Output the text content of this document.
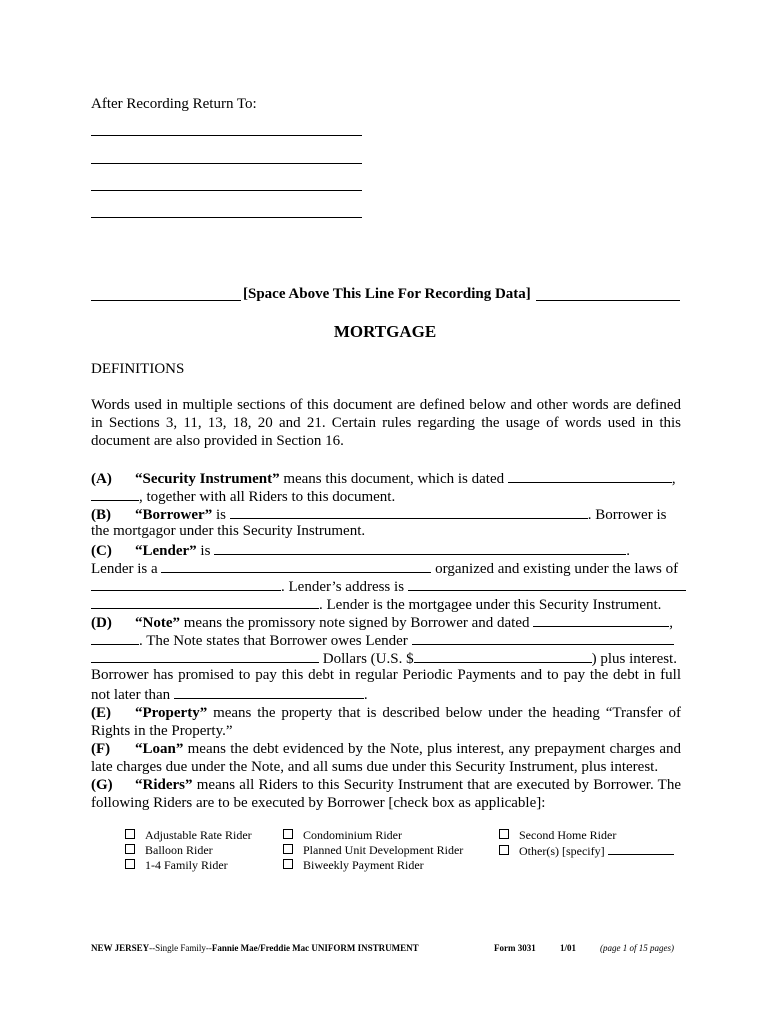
After Recording Return To:
[Space Above This Line For Recording Data]
MORTGAGE
DEFINITIONS
Words used in multiple sections of this document are defined below and other words are defined in Sections 3, 11, 13, 18, 20 and 21. Certain rules regarding the usage of words used in this document are also provided in Section 16.
(A) “Security Instrument” means this document, which is dated	,
, together with all Riders to this document.
(B) “Borrower” is	. Borrower is
the mortgagor under this Security Instrument.
(C) “Lender” is	.
Lender is a	organized and existing under the laws of
. Lender’s address is
. Lender is the mortgagee under this Security Instrument.
(D) “Note” means the promissory note signed by Borrower and dated	,
. The Note states that Borrower owes Lender
Dollars (U.S. $	) plus interest.
Borrower has promised to pay this debt in regular Periodic Payments and to pay the debt in full not later than	.
(E) “Property” means the property that is described below under the heading “Transfer of Rights in the Property.”
(F) “Loan” means the debt evidenced by the Note, plus interest, any prepayment charges and late charges due under the Note, and all sums due under this Security Instrument, plus interest.
(G) “Riders” means all Riders to this Security Instrument that are executed by Borrower. The following Riders are to be executed by Borrower [check box as applicable]:
Adjustable Rate Rider
Balloon Rider
1-4 Family Rider
Condominium Rider
Planned Unit Development Rider
Biweekly Payment Rider
Second Home Rider
Other(s) [specify]
NEW JERSEY--Single Family--Fannie Mae/Freddie Mac UNIFORM INSTRUMENT	Form 3031	1/01	(page 1 of 15 pages)
